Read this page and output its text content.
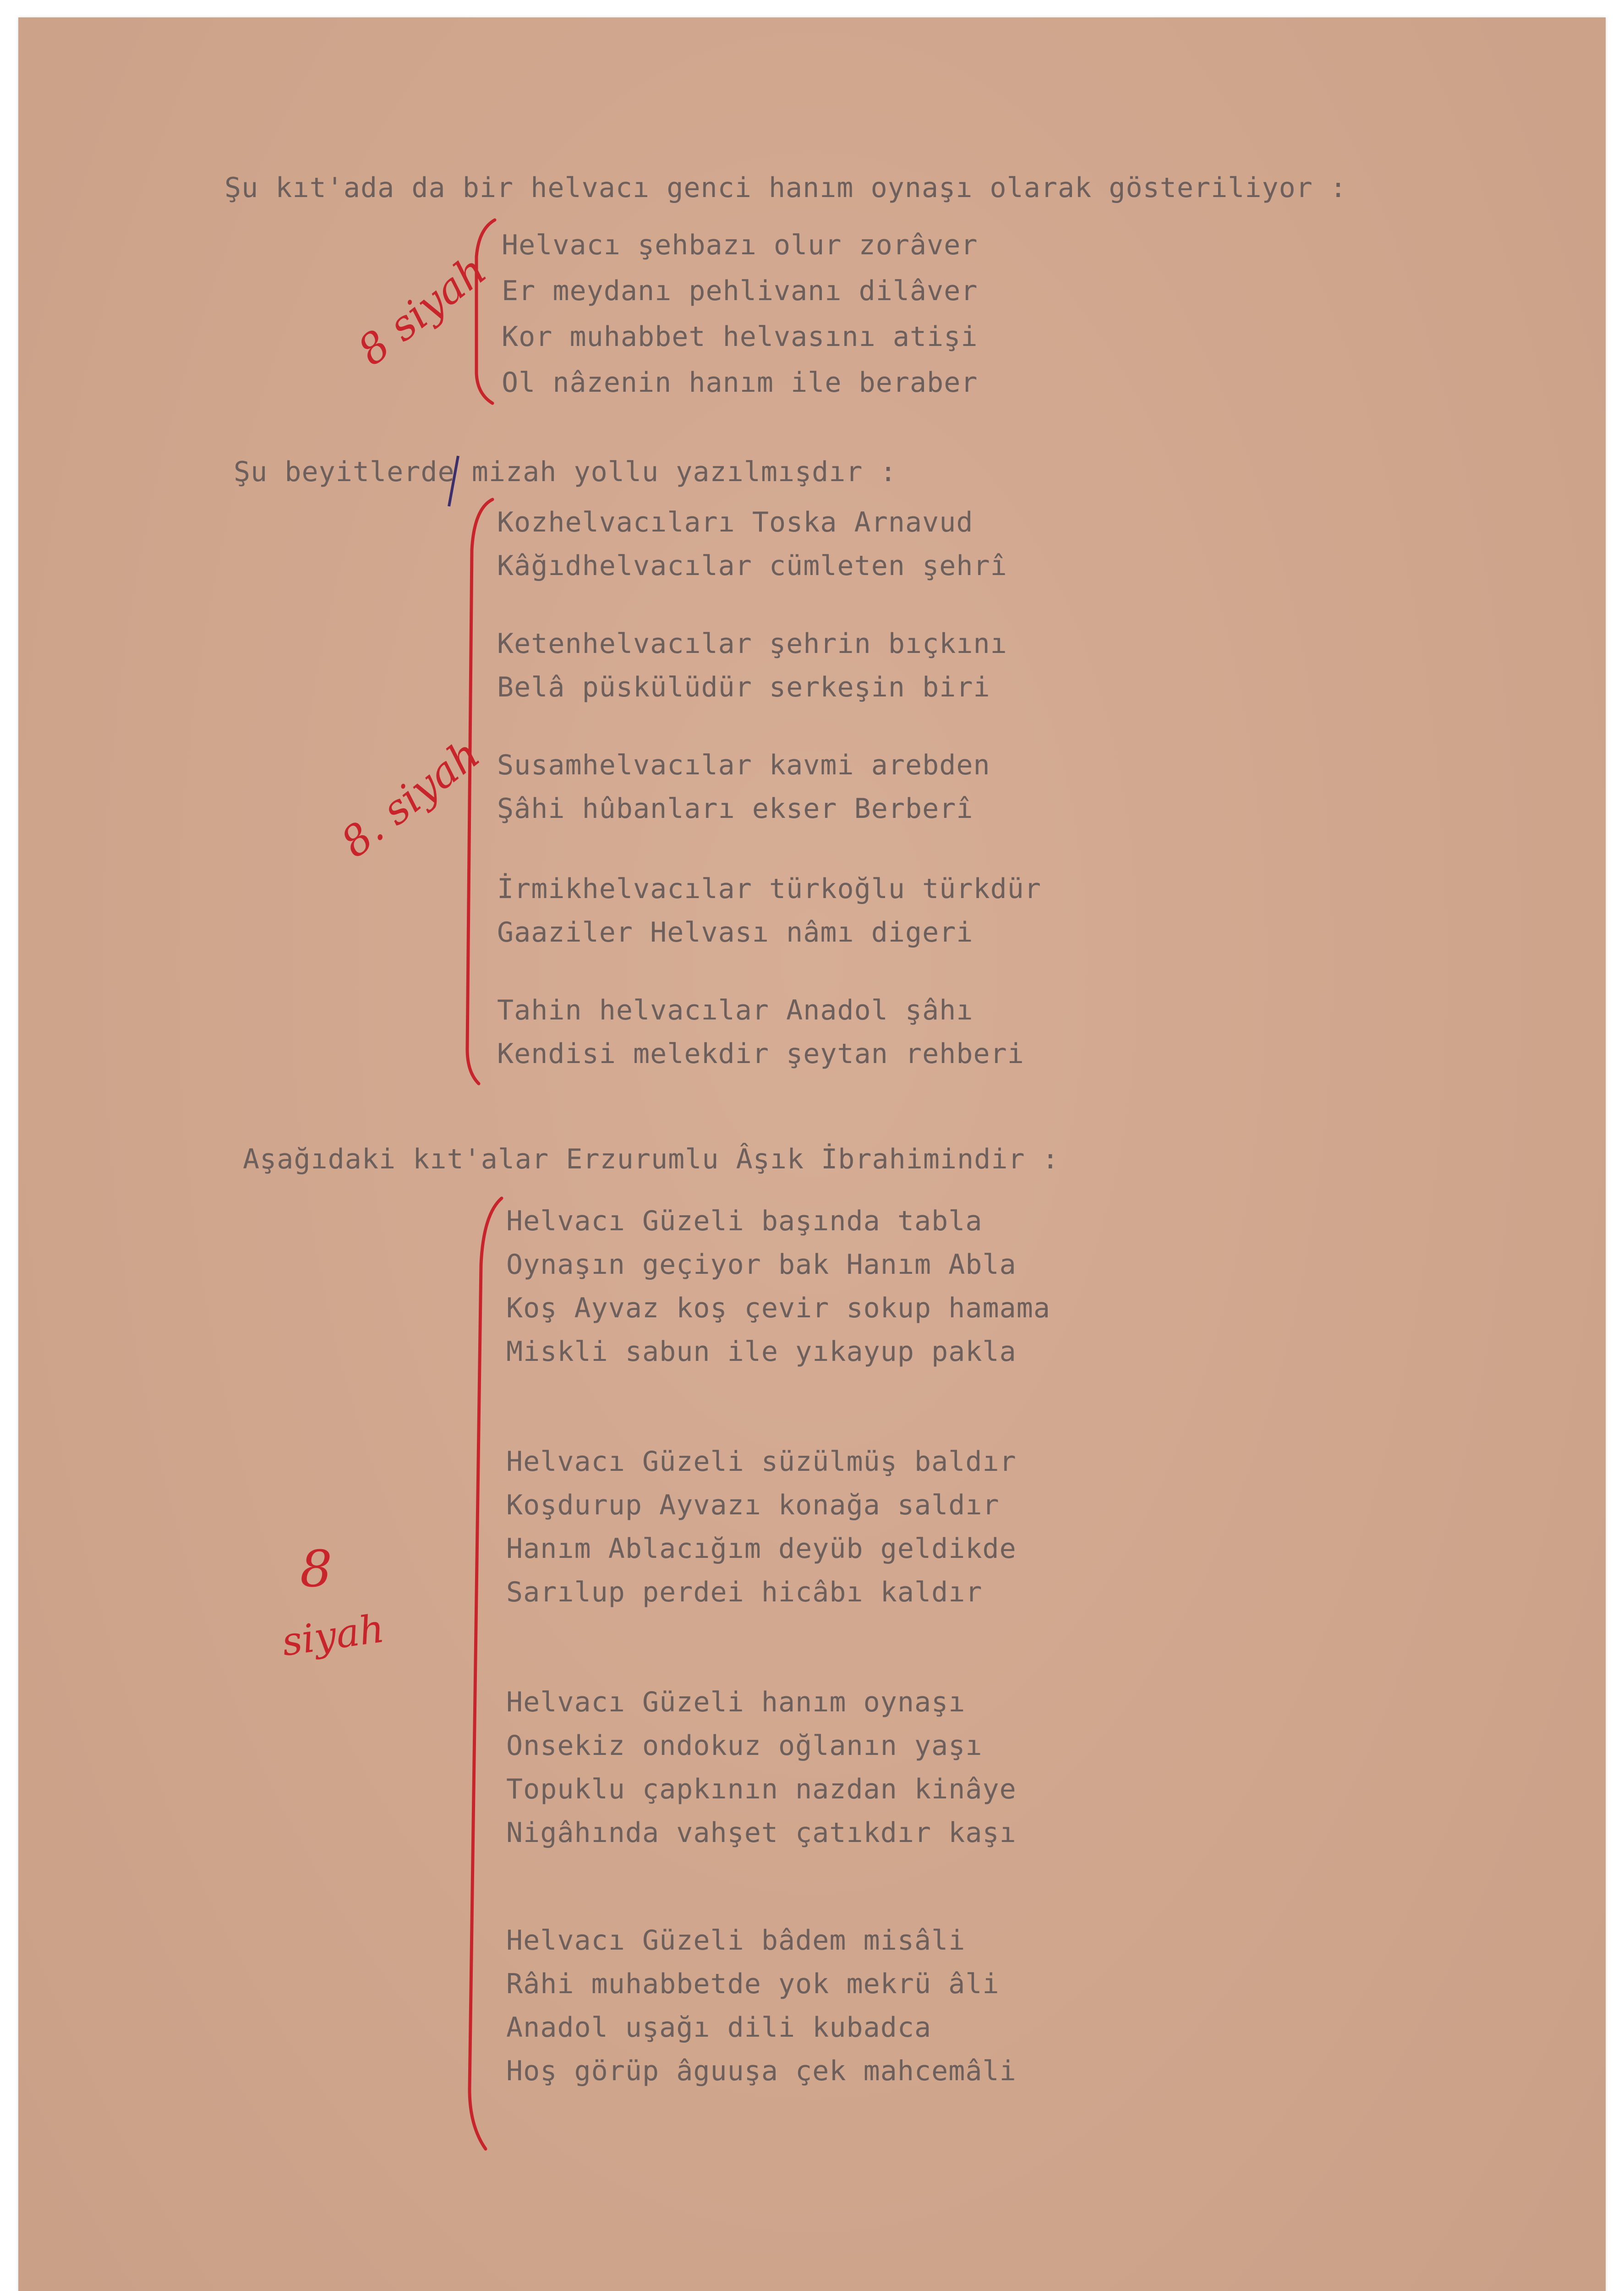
Şu kıt'ada da bir helvacı genci hanım oynaşı olarak gösteriliyor :

Helvacı şehbazı olur zorâver

Er meydanı pehlivanı dilâver

Kor muhabbet helvasını atişi

Ol nâzenin hanım ile beraber

Şu beyitlerde mizah yollu yazılmışdır :

Kozhelvacıları Toska Arnavud

Kâğıdhelvacılar cümleten şehrî

Ketenhelvacılar şehrin bıçkını

Belâ püskülüdür serkeşin biri

Susamhelvacılar kavmi arebden

Şâhi hûbanları ekser Berberî

İrmikhelvacılar türkoğlu türkdür

Gaaziler Helvası nâmı digeri

Tahin helvacılar Anadol şâhı

Kendisi melekdir şeytan rehberi

Aşağıdaki kıt'alar Erzurumlu Âşık İbrahimindir :

Helvacı Güzeli başında tabla

Oynaşın geçiyor bak Hanım Abla

Koş Ayvaz koş çevir sokup hamama

Miskli sabun ile yıkayup pakla

Helvacı Güzeli süzülmüş baldır

Koşdurup Ayvazı konağa saldır

Hanım Ablacığım deyüb geldikde

Sarılup perdei hicâbı kaldır

Helvacı Güzeli hanım oynaşı

Onsekiz ondokuz oğlanın yaşı

Topuklu çapkının nazdan kinâye

Nigâhında vahşet çatıkdır kaşı

Helvacı Güzeli bâdem misâli

Râhi muhabbetde yok mekrü âli

Anadol uşağı dili kubadca

Hoş görüp âguuşa çek mahcemâli

8 siyah

8. siyah

8

siyah
